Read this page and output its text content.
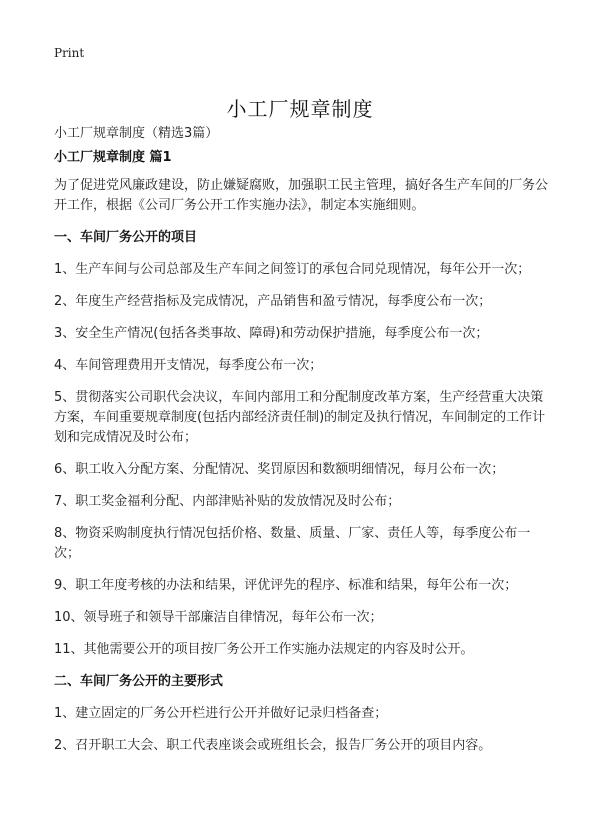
Print
小工厂规章制度
小工厂规章制度（精选3篇）

小工厂规章制度 篇1

为了促进党风廉政建设，防止嫌疑腐败，加强职工民主管理，搞好各生产车间的厂务公开工作，根据《公司厂务公开工作实施办法》，制定本实施细则。

一、车间厂务公开的项目

1、生产车间与公司总部及生产车间之间签订的承包合同兑现情况，每年公开一次；

2、年度生产经营指标及完成情况，产品销售和盈亏情况，每季度公布一次；

3、安全生产情况(包括各类事故、障碍)和劳动保护措施，每季度公布一次；

4、车间管理费用开支情况，每季度公布一次；

5、贯彻落实公司职代会决议，车间内部用工和分配制度改革方案，生产经营重大决策方案，车间重要规章制度(包括内部经济责任制)的制定及执行情况，车间制定的工作计划和完成情况及时公布；

6、职工收入分配方案、分配情况、奖罚原因和数额明细情况，每月公布一次；

7、职工奖金福利分配、内部津贴补贴的发放情况及时公布；

8、物资采购制度执行情况包括价格、数量、质量、厂家、责任人等，每季度公布一次；

9、职工年度考核的办法和结果，评优评先的程序、标准和结果，每年公布一次；

10、领导班子和领导干部廉洁自律情况，每年公布一次；

11、其他需要公开的项目按厂务公开工作实施办法规定的内容及时公开。

二、车间厂务公开的主要形式

1、建立固定的厂务公开栏进行公开并做好记录归档备查；

2、召开职工大会、职工代表座谈会或班组长会，报告厂务公开的项目内容。
